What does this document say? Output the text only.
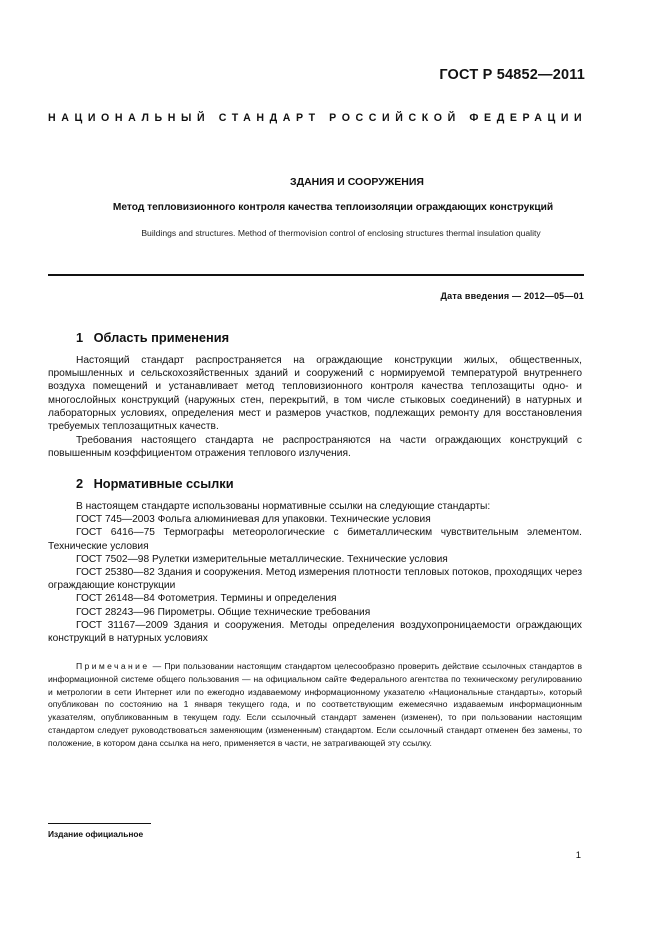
ГОСТ Р 54852—2011
НАЦИОНАЛЬНЫЙ СТАНДАРТ РОССИЙСКОЙ ФЕДЕРАЦИИ
ЗДАНИЯ И СООРУЖЕНИЯ
Метод тепловизионного контроля качества теплоизоляции ограждающих конструкций
Buildings and structures. Method of thermovision control of enclosing structures thermal insulation quality
Дата введения — 2012—05—01
1 Область применения

Настоящий стандарт распространяется на ограждающие конструкции жилых, общественных, промышленных и сельскохозяйственных зданий и сооружений с нормируемой температурой внутреннего воздуха помещений и устанавливает метод тепловизионного контроля качества теплозащиты одно- и многослойных конструкций (наружных стен, перекрытий, в том числе стыковых соединений) в натурных и лабораторных условиях, определения мест и размеров участков, подлежащих ремонту для восстановления требуемых теплозащитных качеств.

Требования настоящего стандарта не распространяются на части ограждающих конструкций с повышенным коэффициентом отражения теплового излучения.

2 Нормативные ссылки

В настоящем стандарте использованы нормативные ссылки на следующие стандарты:

ГОСТ 745—2003 Фольга алюминиевая для упаковки. Технические условия

ГОСТ 6416—75 Термографы метеорологические с биметаллическим чувствительным элементом. Технические условия

ГОСТ 7502—98 Рулетки измерительные металлические. Технические условия

ГОСТ 25380—82 Здания и сооружения. Метод измерения плотности тепловых потоков, проходящих через ограждающие конструкции

ГОСТ 26148—84 Фотометрия. Термины и определения

ГОСТ 28243—96 Пирометры. Общие технические требования

ГОСТ 31167—2009 Здания и сооружения. Методы определения воздухопроницаемости ограждающих конструкций в натурных условиях

Примечание — При пользовании настоящим стандартом целесообразно проверить действие ссылочных стандартов в информационной системе общего пользования — на официальном сайте Федерального агентства по техническому регулированию и метрологии в сети Интернет или по ежегодно издаваемому информационному указателю «Национальные стандарты», который опубликован по состоянию на 1 января текущего года, и по соответствующим ежемесячно издаваемым информационным указателям, опубликованным в текущем году. Если ссылочный стандарт заменен (изменен), то при пользовании настоящим стандартом следует руководствоваться заменяющим (измененным) стандартом. Если ссылочный стандарт отменен без замены, то положение, в котором дана ссылка на него, применяется в части, не затрагивающей эту ссылку.

Издание официальное
1
